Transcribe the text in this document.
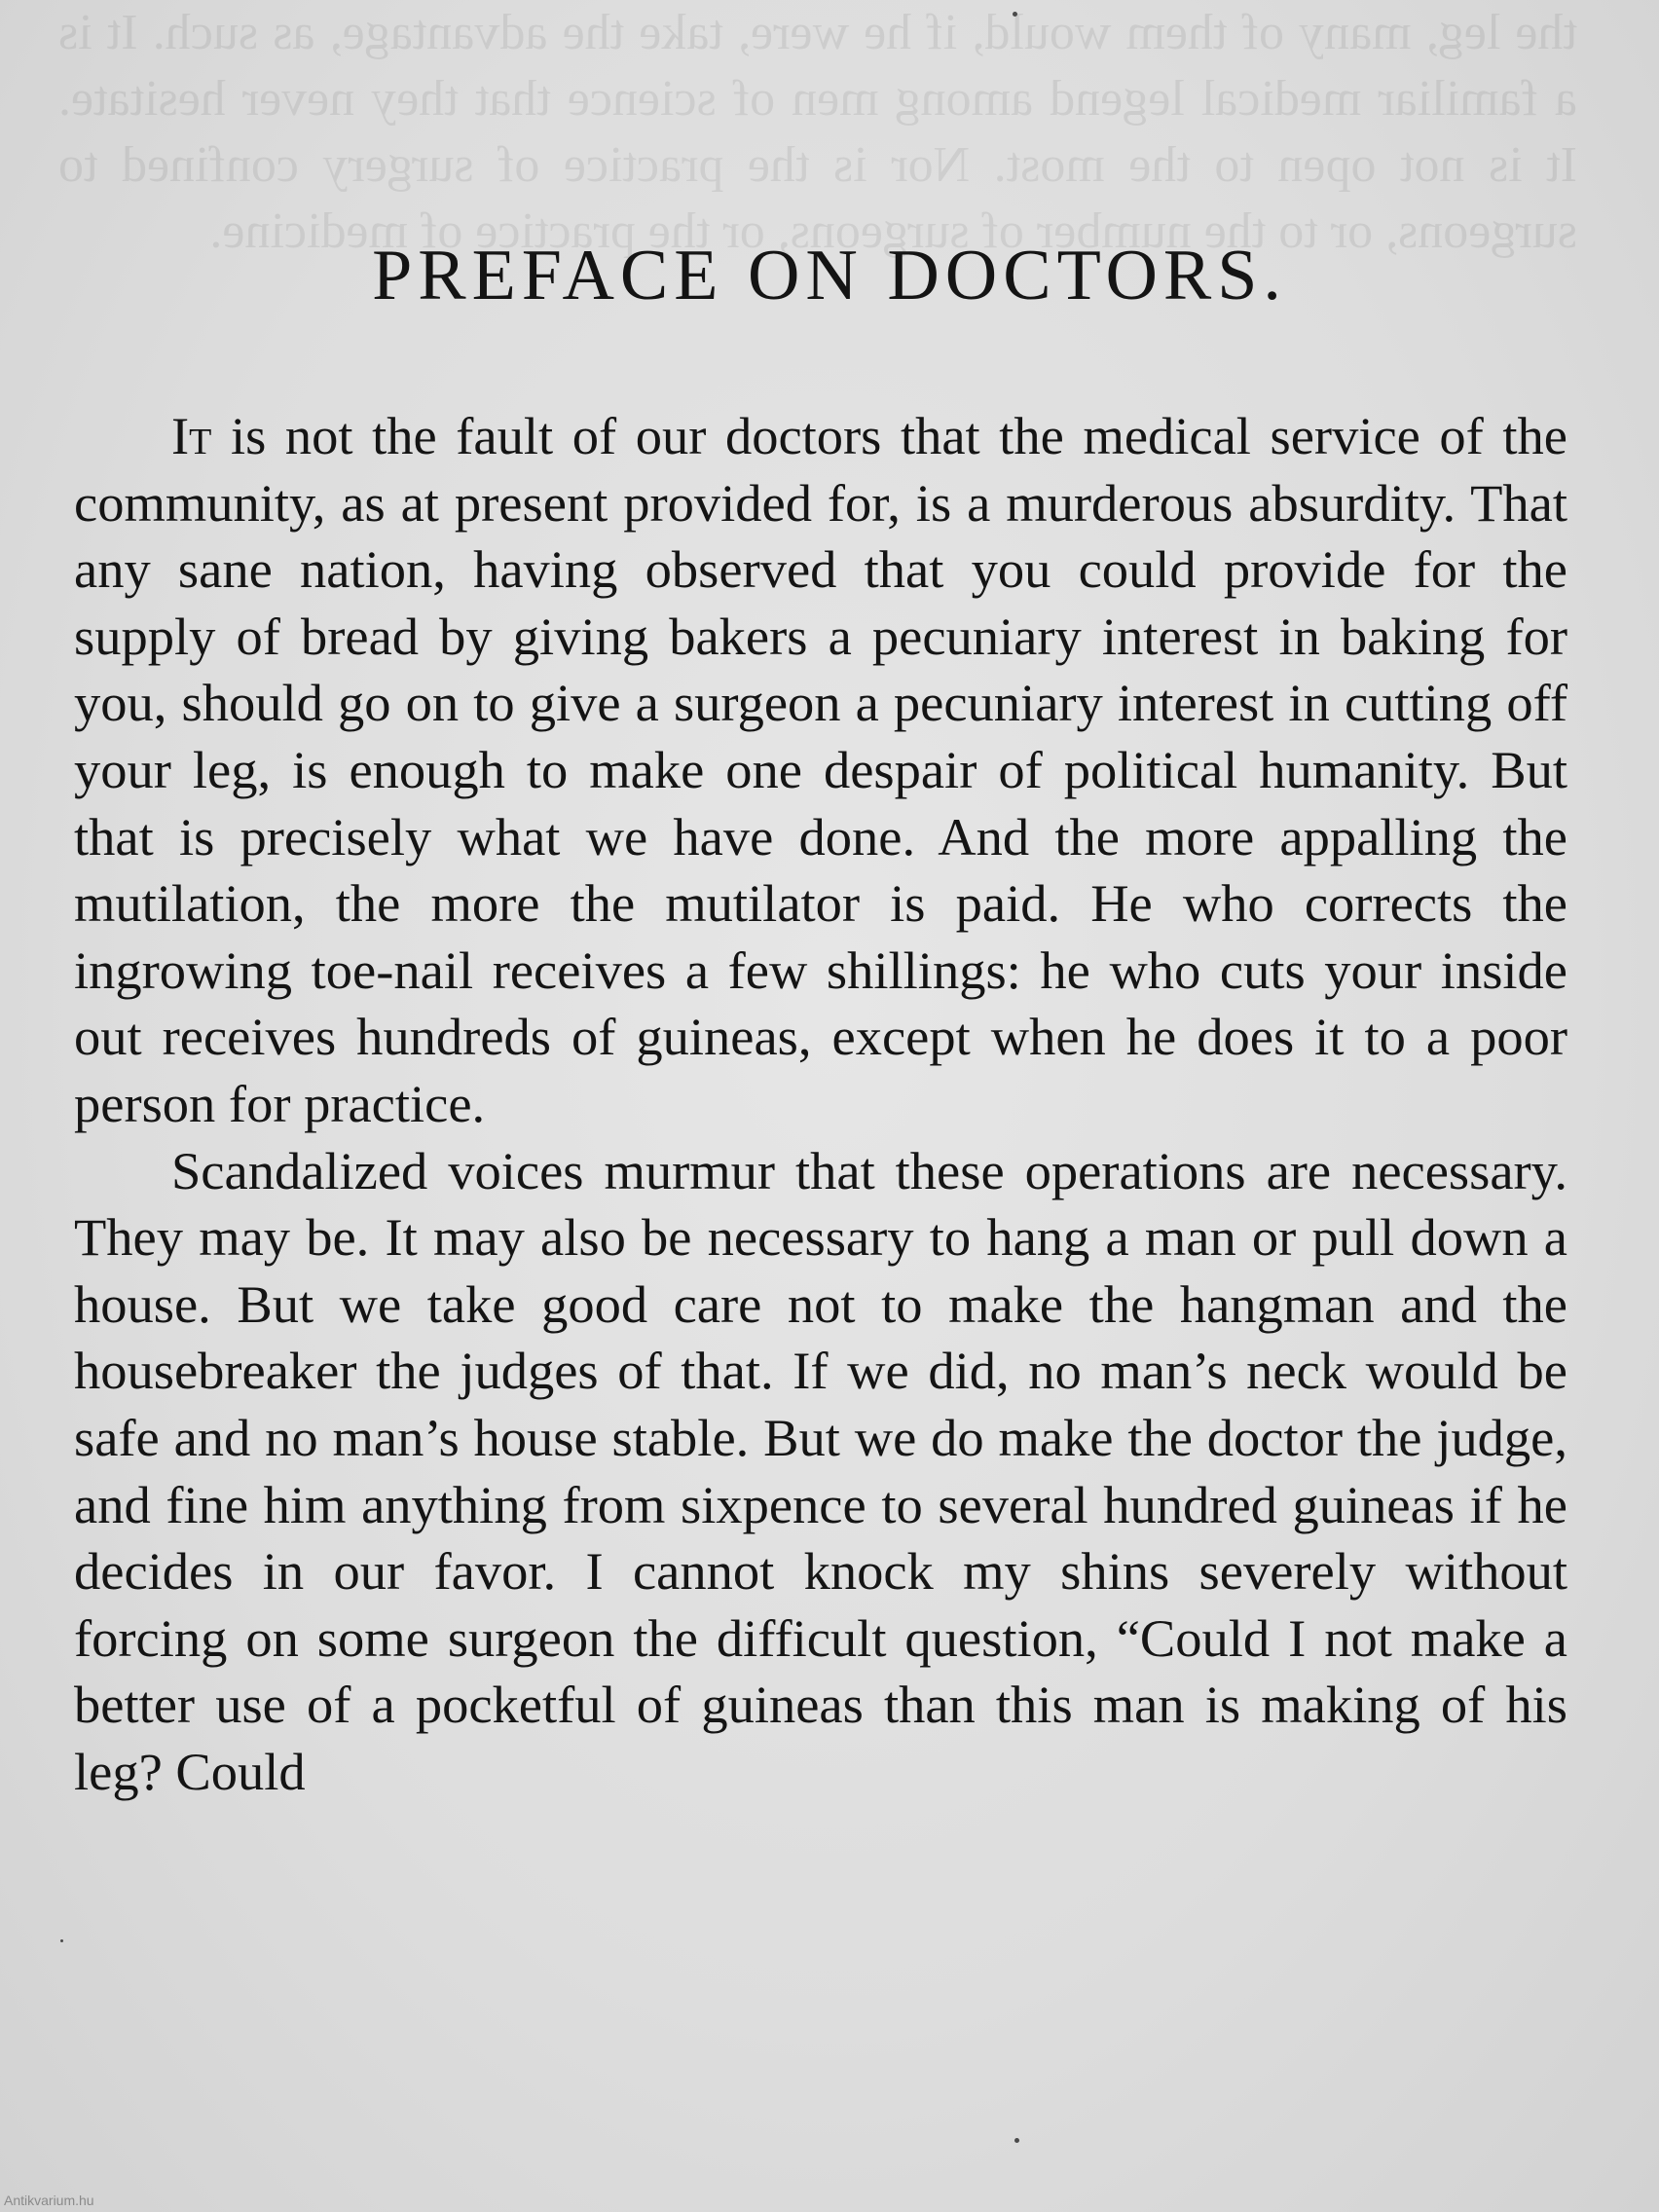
the leg, many of them would, if he were, take the advantage, as such. It is a familiar medical legend among men of science that they never hesitate. It is not open to the most. Nor is the practice of surgery confined to surgeons, or to the number of surgeons, or the practice of medicine.
PREFACE ON DOCTORS.

It is not the fault of our doctors that the medical service of the community, as at present provided for, is a murderous absurdity. That any sane nation, having observed that you could provide for the supply of bread by giving bakers a pecuniary interest in baking for you, should go on to give a surgeon a pecuniary interest in cutting off your leg, is enough to make one despair of political humanity. But that is precisely what we have done. And the more appalling the mutilation, the more the mutilator is paid. He who corrects the ingrowing toe-nail receives a few shillings: he who cuts your inside out receives hundreds of guineas, except when he does it to a poor person for practice.

Scandalized voices murmur that these operations are necessary. They may be. It may also be necessary to hang a man or pull down a house. But we take good care not to make the hangman and the housebreaker the judges of that. If we did, no man’s neck would be safe and no man’s house stable. But we do make the doctor the judge, and fine him anything from sixpence to several hundred guineas if he decides in our favor. I cannot knock my shins severely without forcing on some surgeon the difficult question, “Could I not make a better use of a pocketful of guineas than this man is making of his leg? Could

Antikvarium.hu
